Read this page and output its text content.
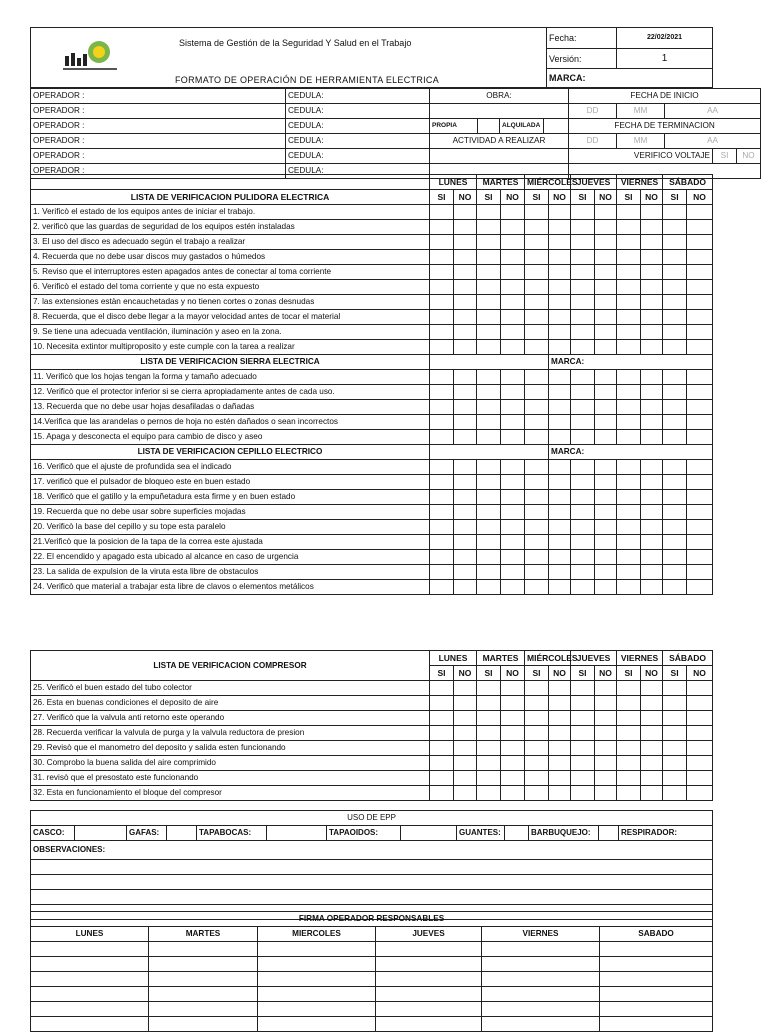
Sistema de Gestión de la Seguridad Y Salud en el Trabajo
FORMATO DE OPERACIÓN DE HERRAMIENTA ELECTRICA	Fecha:	22/02/2021
	Versión:	1
	MARCA:	
OPERADOR :	CEDULA:	OBRA:				FECHA DE INICIO				
OPERADOR :	CEDULA:					DD	MM	AA		
OPERADOR :	CEDULA:	PROPIA		ALQUILADA		FECHA DE TERMINACION				
OPERADOR :	CEDULA:	ACTIVIDAD A REALIZAR				DD	MM	AA		
OPERADOR :	CEDULA:					VERIFICO VOLTAJE			SI	NO
OPERADOR :	CEDULA:									
	LUNES		MARTES		MIÉRCOLES		JUEVES		VIERNES		SÁBADO	
LISTA DE VERIFICACION PULIDORA ELECTRICA	SI	NO	SI	NO	SI	NO	SI	NO	SI	NO	SI	NO
1. Verificò el estado de los equipos antes de iniciar el trabajo.												
2. verificò que las guardas de seguridad de los equipos estén instaladas												
3. El uso del disco es adecuado según el trabajo a realizar												
4. Recuerda que no debe usar discos muy gastados o húmedos												
5. Reviso que el interruptores esten apagados antes de conectar al toma corriente												
6. Verificò el estado del toma corriente y que no esta expuesto												
7. las extensiones estàn encauchetadas y no tienen cortes o zonas desnudas												
8. Recuerda, que el disco debe llegar a la mayor velocidad antes de tocar el material												
9. Se tiene una adecuada ventilación, iluminación y aseo en la zona.												
10. Necesita extintor multiproposito y este cumple con la tarea a realizar												
LISTA DE VERIFICACION SIERRA ELECTRICA						MARCA:						
11. Verificò que los hojas tengan la forma y tamaño adecuado												
12. Verificò que el protector inferior si se cierra apropiadamente antes de cada uso.												
13. Recuerda que no debe usar hojas desafiladas o dañadas												
14.Verifica que las arandelas o pernos de hoja no estén dañados o sean incorrectos												
15. Apaga y desconecta el equipo para cambio de disco y aseo												
LISTA DE VERIFICACION CEPILLO ELECTRICO						MARCA:						
16. Verificò que el ajuste de profundida sea el indicado												
17. verificò que el pulsador de bloqueo este en buen estado												
18. Verificò que el gatillo y la empuñetadura esta firme y en buen estado												
19. Recuerda que no debe usar sobre superficies mojadas												
20. Verificò la base del cepillo y su tope esta paralelo												
21.Verificò que la posicion de la tapa de la correa este ajustada												
22. El encendido y apagado esta ubicado al alcance en caso de urgencia												
23. La salida de expulsion de la viruta esta libre de obstaculos												
24. Verificò que material a trabajar esta libre de clavos o elementos metálicos												
LISTA DE VERIFICACION COMPRESOR	LUNES		MARTES		MIÉRCOLES		JUEVES		VIERNES		SÁBADO	
	SI	NO	SI	NO	SI	NO	SI	NO	SI	NO	SI	NO
25. Verificò el buen estado del tubo colector												
26. Esta en buenas condiciones el deposito de aire												
27. Verificò que la valvula anti retorno este operando												
28. Recuerda verificar la valvula de purga y la valvula reductora de presion												
29. Revisò que el manometro del deposito y salida esten funcionando												
30. Comprobo la buena salida del aire comprimido												
31. revisò que el presostato este funcionando												
32. Esta en funcionamiento el bloque del compresor												
USO DE EPP
CASCO:		GAFAS:		TAPABOCAS:		TAPAOIDOS:		GUANTES:		BARBUQUEJO:		RESPIRADOR:
OBSERVACIONES:

FIRMA OPERADOR RESPONSABLES					
LUNES	MARTES	MIERCOLES	JUEVES	VIERNES	SABADO
